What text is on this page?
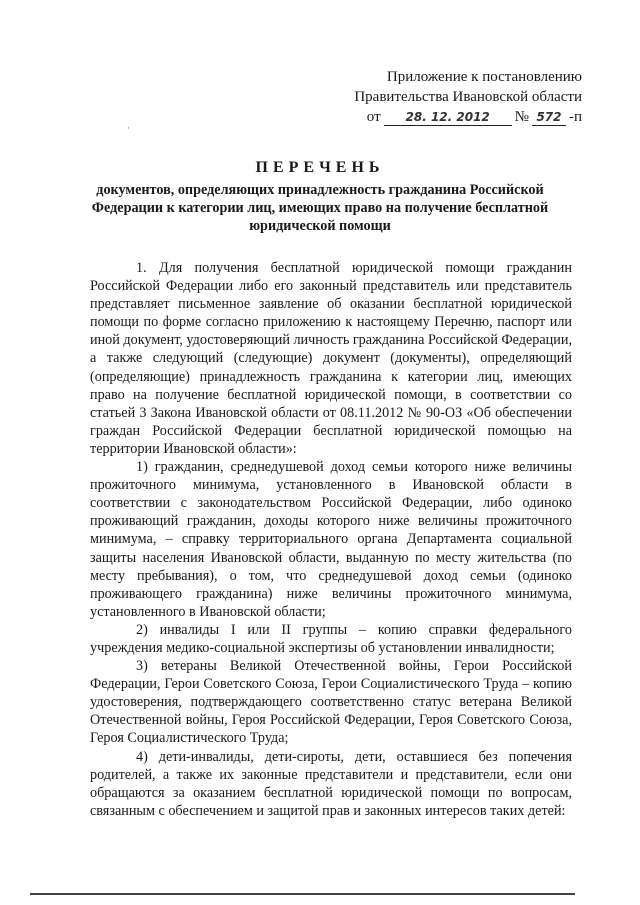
Приложение к постановлению
Правительства Ивановской области
от	28. 12. 2012	№ 572 -п
·
ПЕРЕЧЕНЬ

документов, определяющих принадлежность гражданина Российской Федерации к категории лиц, имеющих право на получение бесплатной юридической помощи

1. Для получения бесплатной юридической помощи гражданин Российской Федерации либо его законный представитель или представитель представляет письменное заявление об оказании бесплатной юридической помощи по форме согласно приложению к настоящему Перечню, паспорт или иной документ, удостоверяющий личность гражданина Российской Федерации, а также следующий (следующие) документ (документы), определяющий (определяющие) принадлежность гражданина к категории лиц, имеющих право на получение бесплатной юридической помощи, в соответствии со статьей 3 Закона Ивановской области от 08.11.2012 № 90-ОЗ «Об обеспечении граждан Российской Федерации бесплатной юридической помощью на территории Ивановской области»:

1) гражданин, среднедушевой доход семьи которого ниже величины прожиточного минимума, установленного в Ивановской области в соответствии с законодательством Российской Федерации, либо одиноко проживающий гражданин, доходы которого ниже величины прожиточного минимума, – справку территориального органа Департамента социальной защиты населения Ивановской области, выданную по месту жительства (по месту пребывания), о том, что среднедушевой доход семьи (одиноко проживающего гражданина) ниже величины прожиточного минимума, установленного в Ивановской области;

2) инвалиды I или II группы – копию справки федерального учреждения медико-социальной экспертизы об установлении инвалидности;

3) ветераны Великой Отечественной войны, Герои Российской Федерации, Герои Советского Союза, Герои Социалистического Труда – копию удостоверения, подтверждающего соответственно статус ветерана Великой Отечественной войны, Героя Российской Федерации, Героя Советского Союза, Героя Социалистического Труда;

4) дети-инвалиды, дети-сироты, дети, оставшиеся без попечения родителей, а также их законные представители и представители, если они обращаются за оказанием бесплатной юридической помощи по вопросам, связанным с обеспечением и защитой прав и законных интересов таких детей:
